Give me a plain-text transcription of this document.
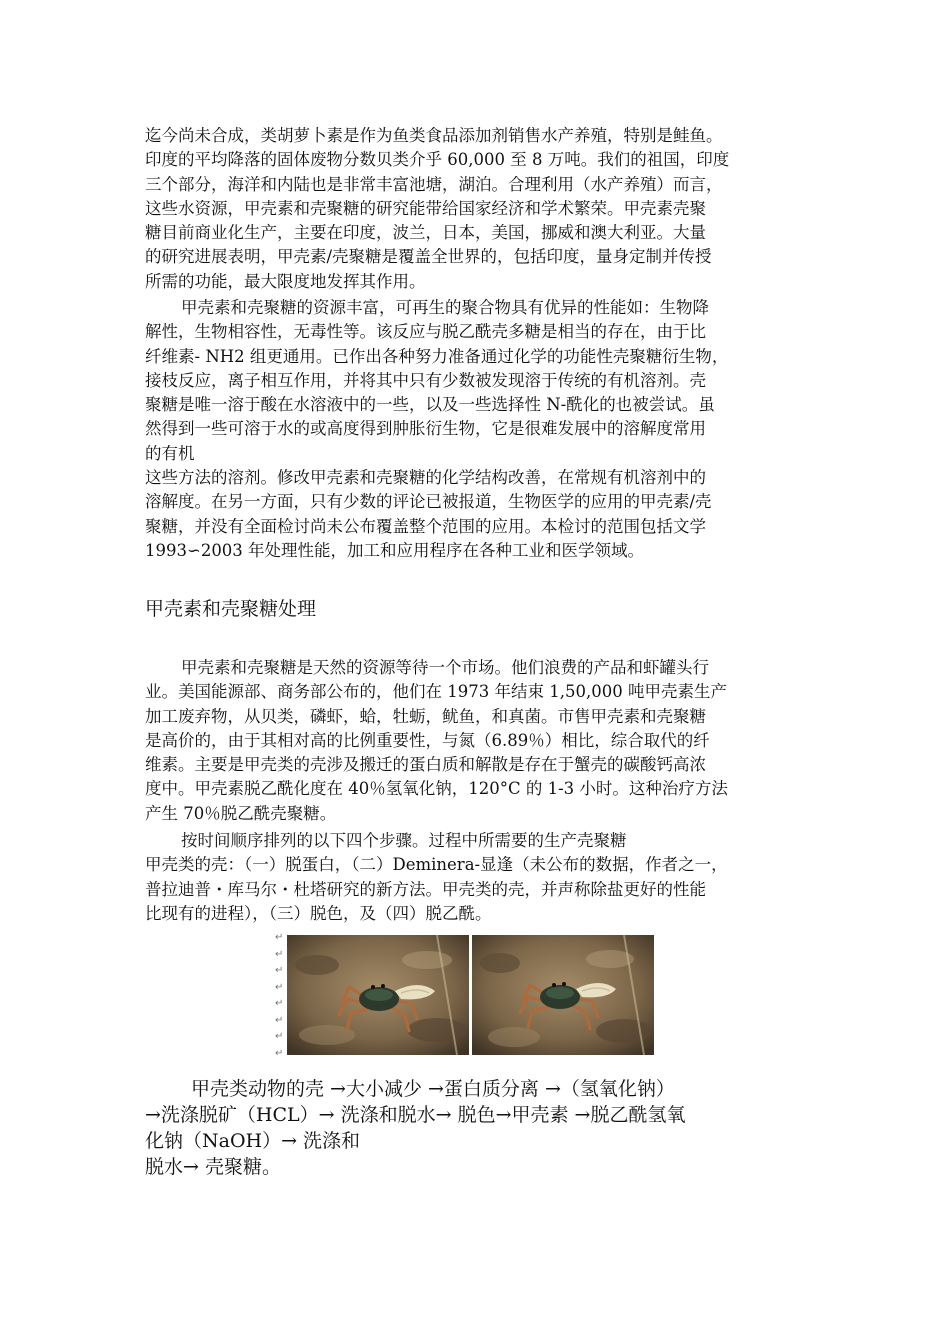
迄今尚未合成，类胡萝卜素是作为鱼类食品添加剂销售水产养殖，特别是鲑鱼。
印度的平均降落的固体废物分数贝类介乎 60,000 至 8 万吨。我们的祖国，印度
三个部分，海洋和内陆也是非常丰富池塘，湖泊。合理利用（水产养殖）而言，
这些水资源，甲壳素和壳聚糖的研究能带给国家经济和学术繁荣。甲壳素壳聚
糖目前商业化生产，主要在印度，波兰，日本，美国，挪威和澳大利亚。大量
的研究进展表明，甲壳素/壳聚糖是覆盖全世界的，包括印度，量身定制并传授
所需的功能，最大限度地发挥其作用。
甲壳素和壳聚糖的资源丰富，可再生的聚合物具有优异的性能如：生物降
解性，生物相容性，无毒性等。该反应与脱乙酰壳多糖是相当的存在，由于比
纤维素- NH2 组更通用。已作出各种努力准备通过化学的功能性壳聚糖衍生物，
接枝反应，离子相互作用，并将其中只有少数被发现溶于传统的有机溶剂。壳
聚糖是唯一溶于酸在水溶液中的一些，以及一些选择性 N-酰化的也被尝试。虽
然得到一些可溶于水的或高度得到肿胀衍生物，它是很难发展中的溶解度常用
的有机
这些方法的溶剂。修改甲壳素和壳聚糖的化学结构改善，在常规有机溶剂中的
溶解度。在另一方面，只有少数的评论已被报道，生物医学的应用的甲壳素/壳
聚糖，并没有全面检讨尚未公布覆盖整个范围的应用。本检讨的范围包括文学
1993∽2003 年处理性能，加工和应用程序在各种工业和医学领域。
甲壳素和壳聚糖处理
甲壳素和壳聚糖是天然的资源等待一个市场。他们浪费的产品和虾罐头行
业。美国能源部、商务部公布的，他们在 1973 年结束 1,50,000 吨甲壳素生产
加工废弃物，从贝类，磷虾，蛤，牡蛎，鱿鱼，和真菌。市售甲壳素和壳聚糖
是高价的，由于其相对高的比例重要性，与氮（6.89％）相比，综合取代的纤
维素。主要是甲壳类的壳涉及搬迁的蛋白质和解散是存在于蟹壳的碳酸钙高浓
度中。甲壳素脱乙酰化度在 40％氢氧化钠，120°C 的 1-3 小时。这种治疗方法
产生 70％脱乙酰壳聚糖。
按时间顺序排列的以下四个步骤。过程中所需要的生产壳聚糖
甲壳类的壳：（一）脱蛋白，（二）Deminera-显逢（未公布的数据，作者之一，
普拉迪普・库马尔・杜塔研究的新方法。甲壳类的壳，并声称除盐更好的性能
比现有的进程），（三）脱色，及（四）脱乙酰。
↵
↵
↵
↵
↵
↵
↵
↵
甲壳类动物的壳 →大小减少 →蛋白质分离 →（氢氧化钠）
→洗涤脱矿（HCL）→ 洗涤和脱水→ 脱色→甲壳素 →脱乙酰氢氧
化钠（NaOH）→ 洗涤和
脱水→ 壳聚糖。
